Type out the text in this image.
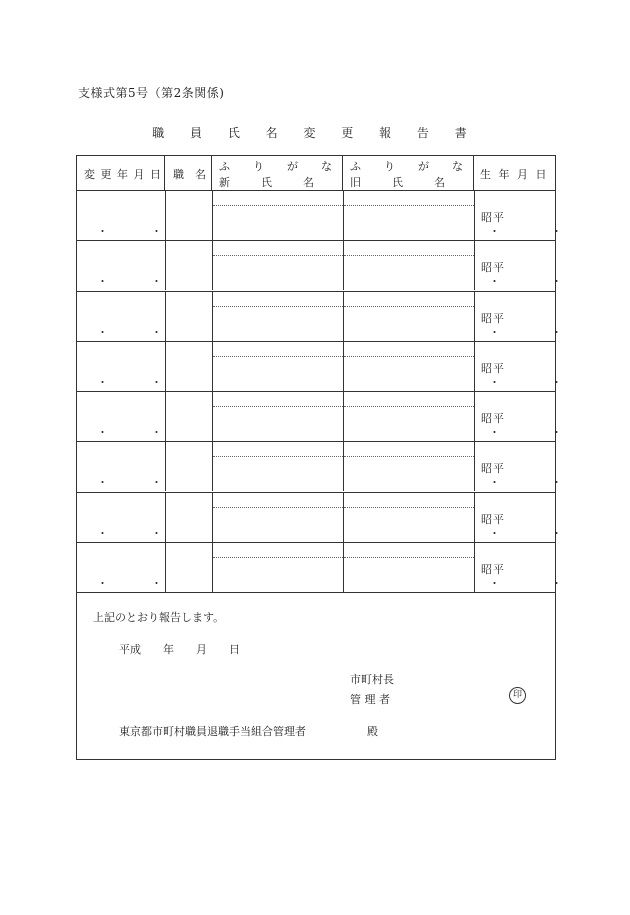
支様式第5号（第2条関係)
職 員 氏 名 変 更 報 告 書
変 更 年 月 日 職　名
ふ　り　が　な
新　　氏　　名
ふ　り　が　な
旧　　氏　　名
生 年 月 日
・　・
昭平
・　・
・　・
昭平
・　・
・　・
昭平
・　・
・　・
昭平
・　・
・　・
昭平
・　・
・　・
昭平
・　・
・　・
昭平
・　・
・　・
昭平
・　・
上記のとおり報告します。
平成　　年　　月　　日
市町村長
管 理 者	印
東京都市町村職員退職手当組合管理者	殿
